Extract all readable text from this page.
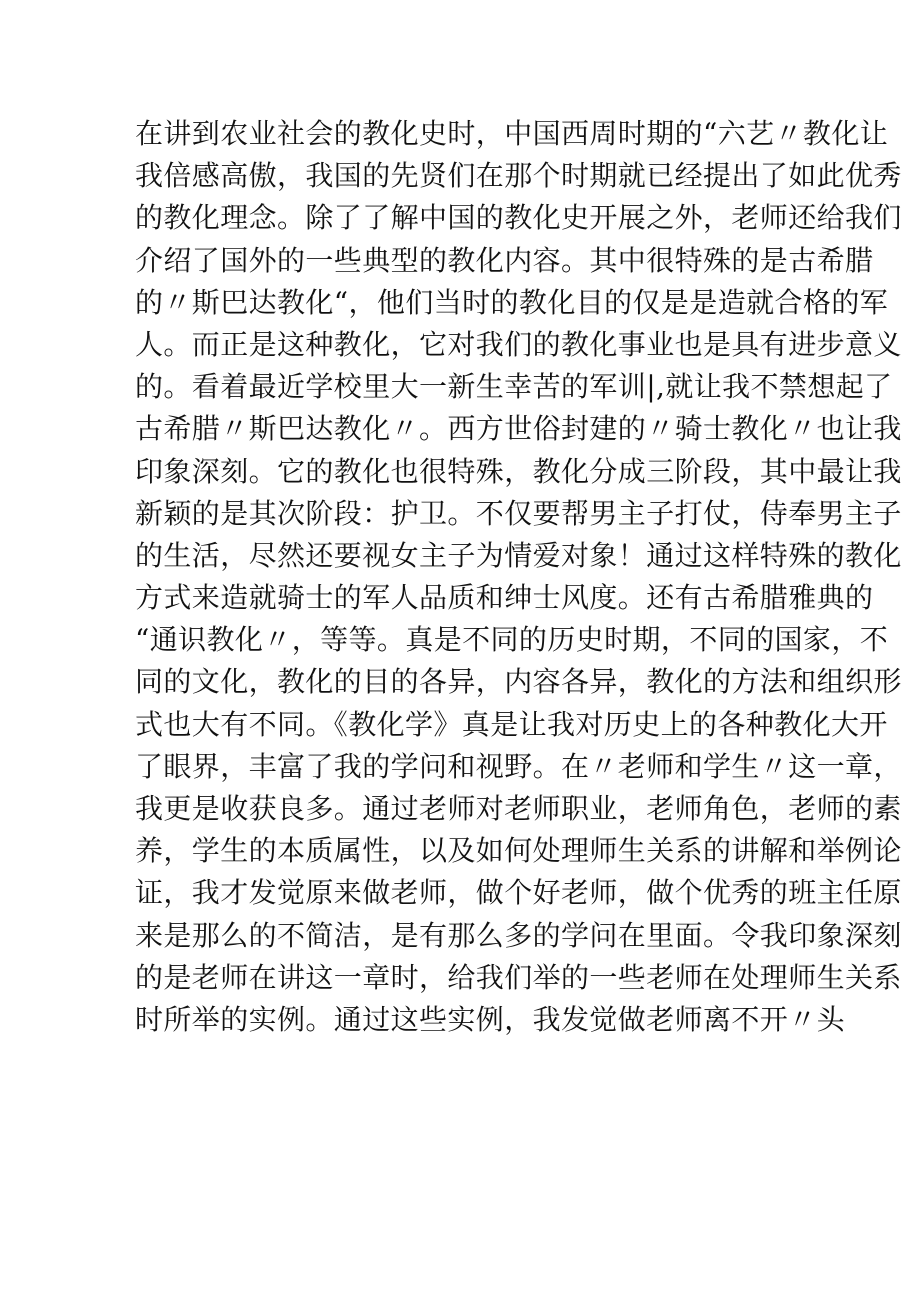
在讲到农业社会的教化史时，中国西周时期的“六艺〃教化让
我倍感高傲，我国的先贤们在那个时期就已经提出了如此优秀
的教化理念。除了了解中国的教化史开展之外，老师还给我们
介绍了国外的一些典型的教化内容。其中很特殊的是古希腊
的〃斯巴达教化“，他们当时的教化目的仅是是造就合格的军
人。而正是这种教化，它对我们的教化事业也是具有进步意义
的。看着最近学校里大一新生幸苦的军训|,就让我不禁想起了
古希腊〃斯巴达教化〃。西方世俗封建的〃骑士教化〃也让我
印象深刻。它的教化也很特殊，教化分成三阶段，其中最让我
新颖的是其次阶段：护卫。不仅要帮男主子打仗，侍奉男主子
的生活，尽然还要视女主子为情爱对象！通过这样特殊的教化
方式来造就骑士的军人品质和绅士风度。还有古希腊雅典的
“通识教化〃，等等。真是不同的历史时期，不同的国家，不
同的文化，教化的目的各异，内容各异，教化的方法和组织形
式也大有不同。《教化学》真是让我对历史上的各种教化大开
了眼界，丰富了我的学问和视野。在〃老师和学生〃这一章，
我更是收获良多。通过老师对老师职业，老师角色，老师的素
养，学生的本质属性，以及如何处理师生关系的讲解和举例论
证，我才发觉原来做老师，做个好老师，做个优秀的班主任原
来是那么的不简洁，是有那么多的学问在里面。令我印象深刻
的是老师在讲这一章时，给我们举的一些老师在处理师生关系
时所举的实例。通过这些实例，我发觉做老师离不开〃头
